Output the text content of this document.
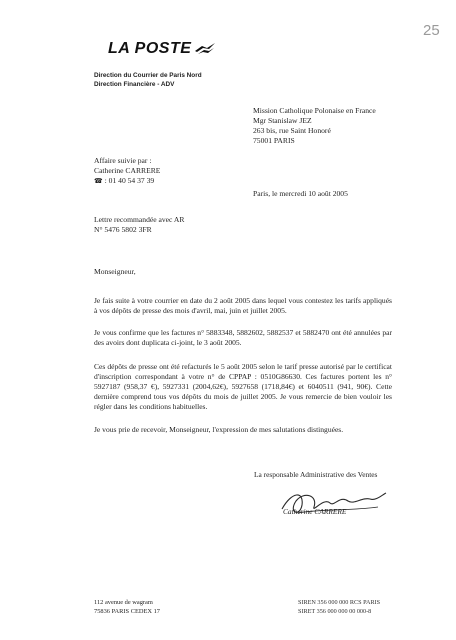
25
LA POSTE
Direction du Courrier de Paris Nord
Direction Financière - ADV
Mission Catholique Polonaise en France
Mgr Stanislaw JEZ
263 bis, rue Saint Honoré
75001 PARIS
Affaire suivie par :
Catherine CARRERE
☎ : 01 40 54 37 39
Paris, le mercredi 10 août 2005
Lettre recommandée avec AR
N° 5476 5802 3FR
Monseigneur,
Je fais suite à votre courrier en date du 2 août 2005 dans lequel vous contestez les tarifs appliqués à vos dépôts de presse des mois d'avril, mai, juin et juillet 2005.
Je vous confirme que les factures n° 5883348, 5882602, 5882537 et 5882470 ont été annulées par des avoirs dont duplicata ci-joint, le 3 août 2005.
Ces dépôts de presse ont été refacturés le 5 août 2005 selon le tarif presse autorisé par le certificat d'inscription correspondant à votre n° de CPPAP : 0510G86630. Ces factures portent les n° 5927187 (958,37 €), 5927331 (2004,62€), 5927658 (1718,84€) et 6040511 (941, 90€). Cette dernière comprend tous vos dépôts du mois de juillet 2005. Je vous remercie de bien vouloir les régler dans les conditions habituelles.
Je vous prie de recevoir, Monseigneur, l'expression de mes salutations distinguées.
La responsable Administrative des Ventes
Catherine CARRERE
112 avenue de wagram
75836 PARIS CEDEX 17
SIREN 356 000 000 RCS PARIS
SIRET 356 000 000 00 000-8
